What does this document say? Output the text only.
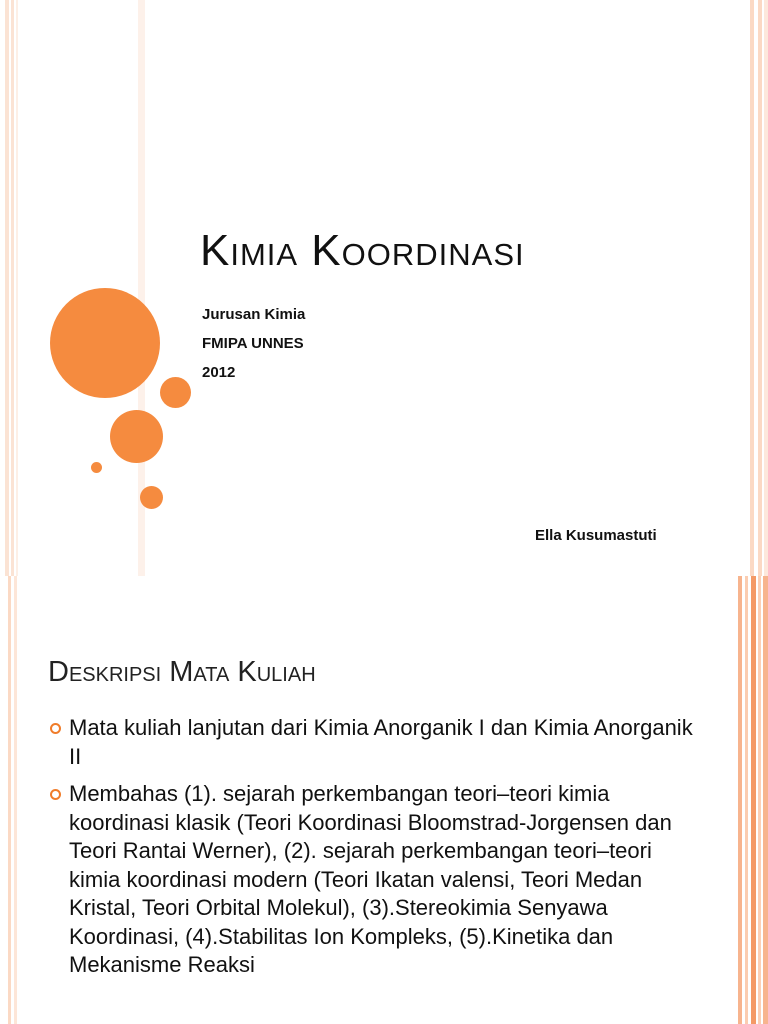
Kimia Koordinasi
Jurusan Kimia
FMIPA UNNES
2012
Ella Kusumastuti
Deskripsi Mata Kuliah
Mata kuliah lanjutan dari Kimia Anorganik I dan Kimia Anorganik II
Membahas (1). sejarah perkembangan teori–teori kimia koordinasi klasik (Teori Koordinasi Bloomstrad-Jorgensen dan Teori Rantai Werner), (2). sejarah perkembangan teori–teori kimia koordinasi modern (Teori Ikatan valensi, Teori Medan Kristal, Teori Orbital Molekul), (3).Stereokimia Senyawa Koordinasi, (4).Stabilitas Ion Kompleks, (5).Kinetika dan Mekanisme Reaksi
